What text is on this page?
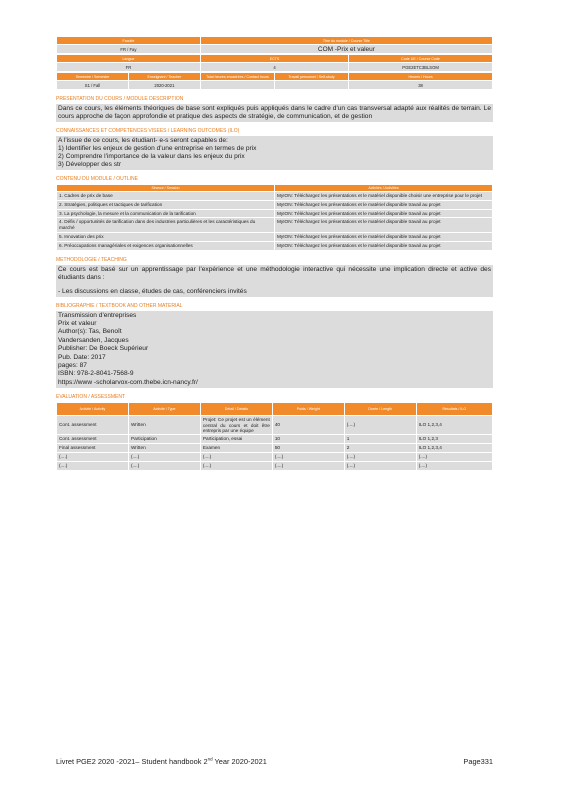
Faculté	Titre du module / Course Title
FR / Fay	COM -Prix et valeur
Langue	ECTS	Code UE / Course Code
FR	4	PGE2ETC3BLSOM
Semestre / Semester	Enseignant / Teacher	Total heures encadrées / Contact hours	Travail personnel / Self-study	Heures / Hours
S1 / Fall	2020-2021			38
PRESENTATION DU COURS / MODULE DESCRIPTION
Dans ce cours, les éléments théoriques de base sont expliqués puis appliqués dans le cadre d'un cas transversal adapté aux réalités de terrain. Le cours approche de façon approfondie et pratique des aspects de stratégie, de communication, et de gestion
CONNAISSANCES ET COMPETENCES VISEES / LEARNING OUTCOMES (ILO)

A l'issue de ce cours, les étudiant- e-s seront capables de:

1) Identifier les enjeux de gestion d'une entreprise en termes de prix

2) Comprendre l'importance de la valeur dans les enjeux du prix

3) Développer des str

CONTENU DU MODULE / OUTLINE
Séance / Session	Activités / Activities
1. Cadres de prix de base	MyION: Téléchargez les présentations et le matériel disponible choisir une entreprise pour le projet
2. Stratégies, politiques et tactiques de tarification	MyION: Téléchargez les présentations et le matériel disponible travail au projet
3. La psychologie, la mesure et la communication de la tarification	MyION: Téléchargez les présentations et le matériel disponible travail au projet
4. Défis / opportunités de tarification dans des industries particulières et les caractéristiques du marché	MyION: Téléchargez les présentations et le matériel disponible travail au projet
5. Innovation des prix	MyION: Téléchargez les présentations et le matériel disponible travail au projet
6. Préoccupations managériales et exigences organisationnelles	MyION: Téléchargez les présentations et le matériel disponible travail au projet
METHODOLOGIE / TEACHING

Ce cours est basé sur un apprentissage par l'expérience et une méthodologie interactive qui nécessite une implication directe et active des étudiants dans :

- Les discussions en classe, études de cas, conférenciers invités

BIBLIOGRAPHIE / TEXTBOOK AND OTHER MATERIAL

Transmission d'entreprises

Prix et valeur

Author(s): Tas, Benoît

Vandersanden, Jacques

Publisher: De Boeck Supérieur

Pub. Date: 2017

pages: 87

ISBN: 978-2-8041-7568-9

https://www -scholarvox-com.thebe.icn-nancy.fr/

EVALUATION / ASSESSMENT
Activité / Activity	Activité / Type	Détail / Details	Poids / Weight	Durée / Length	Résultats / ILO
Cont. assessment	Written	Projet: Ce projet est un élément central du cours et doit être entrepris par une équipe	40	(....)	ILO 1,2,3,4
Cont. assessment	Participation	Participation, essai	10	1	ILO 1,2,3
Final assessment	Written	Examen	50	2	ILO 1,2,3,4
(....)	(....)	(....)	(....)	(....)	(....)
(....)	(....)	(....)	(....)	(....)	(....)
Livret PGE2 2020 -2021– Student handbook 2nd Year 2020-2021	Page331
